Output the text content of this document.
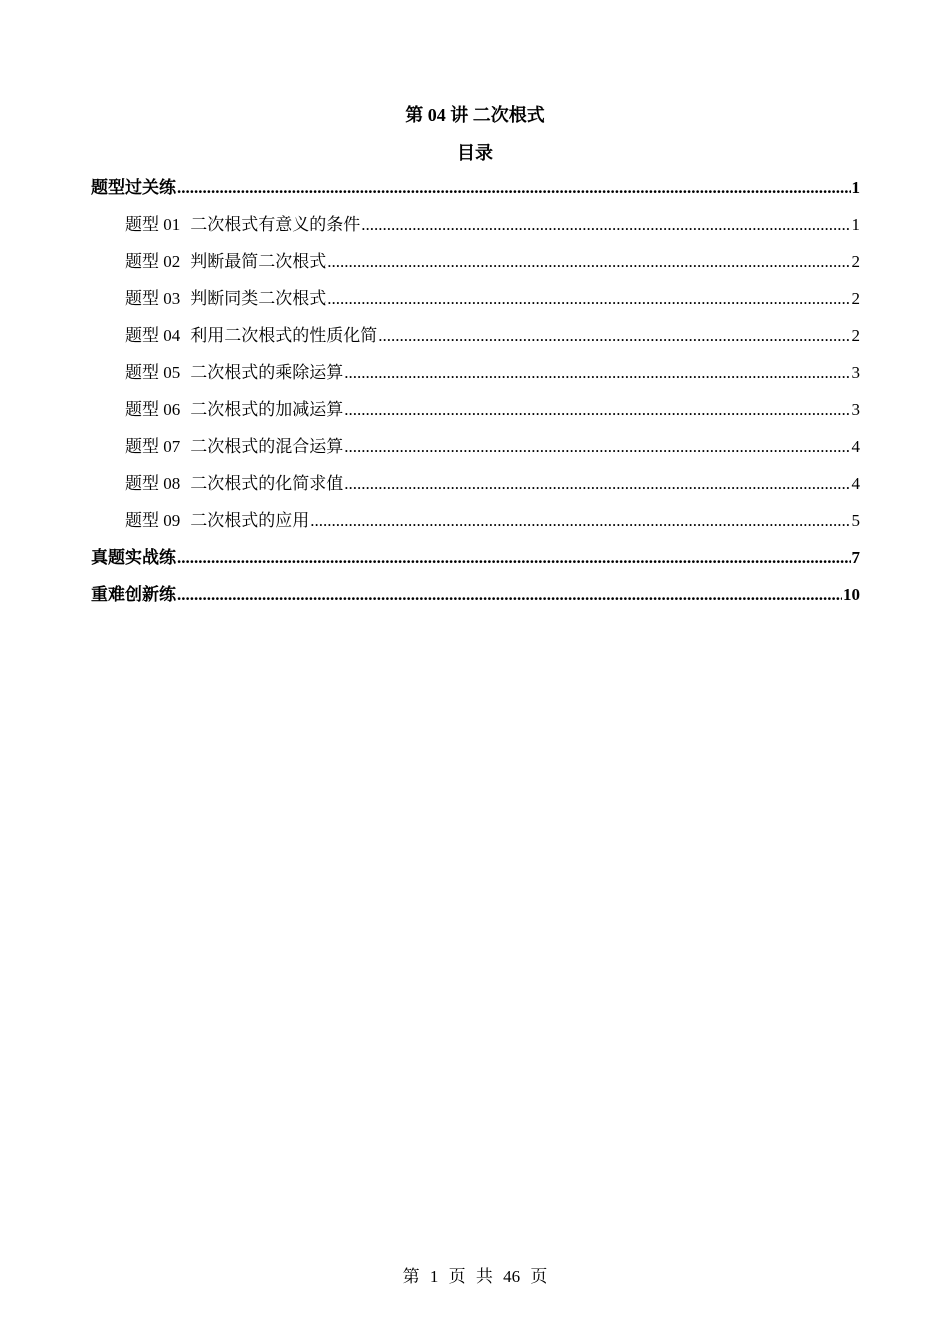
第 04 讲 二次根式
目录
题型过关练 .....	1
题型 01 二次根式有意义的条件 .....	1
题型 02 判断最简二次根式 .....	2
题型 03 判断同类二次根式 .....	2
题型 04 利用二次根式的性质化简 .....	2
题型 05 二次根式的乘除运算 .....	3
题型 06 二次根式的加减运算 .....	3
题型 07 二次根式的混合运算 .....	4
题型 08 二次根式的化简求值 .....	4
题型 09 二次根式的应用 .....	5
真题实战练 .....	7
重难创新练 .....	10
第 1 页 共 46 页
